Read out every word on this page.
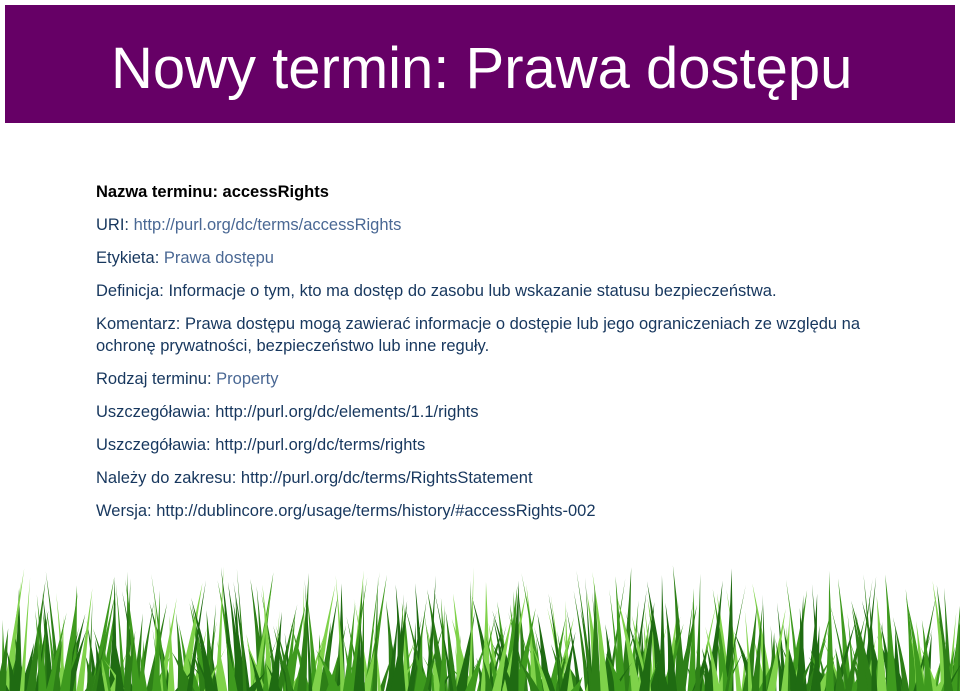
Nowy termin: Prawa dostępu

Nazwa terminu: accessRights

URI: http://purl.org/dc/terms/accessRights

Etykieta: Prawa dostępu

Definicja: Informacje o tym, kto ma dostęp do zasobu lub wskazanie statusu bezpieczeństwa.

Komentarz: Prawa dostępu mogą zawierać informacje o dostępie lub jego ograniczeniach ze względu na ochronę prywatności, bezpieczeństwo lub inne reguły.

Rodzaj terminu: Property

Uszczegóławia: http://purl.org/dc/elements/1.1/rights

Uszczegóławia: http://purl.org/dc/terms/rights

Należy do zakresu: http://purl.org/dc/terms/RightsStatement

Wersja: http://dublincore.org/usage/terms/history/#accessRights-002
